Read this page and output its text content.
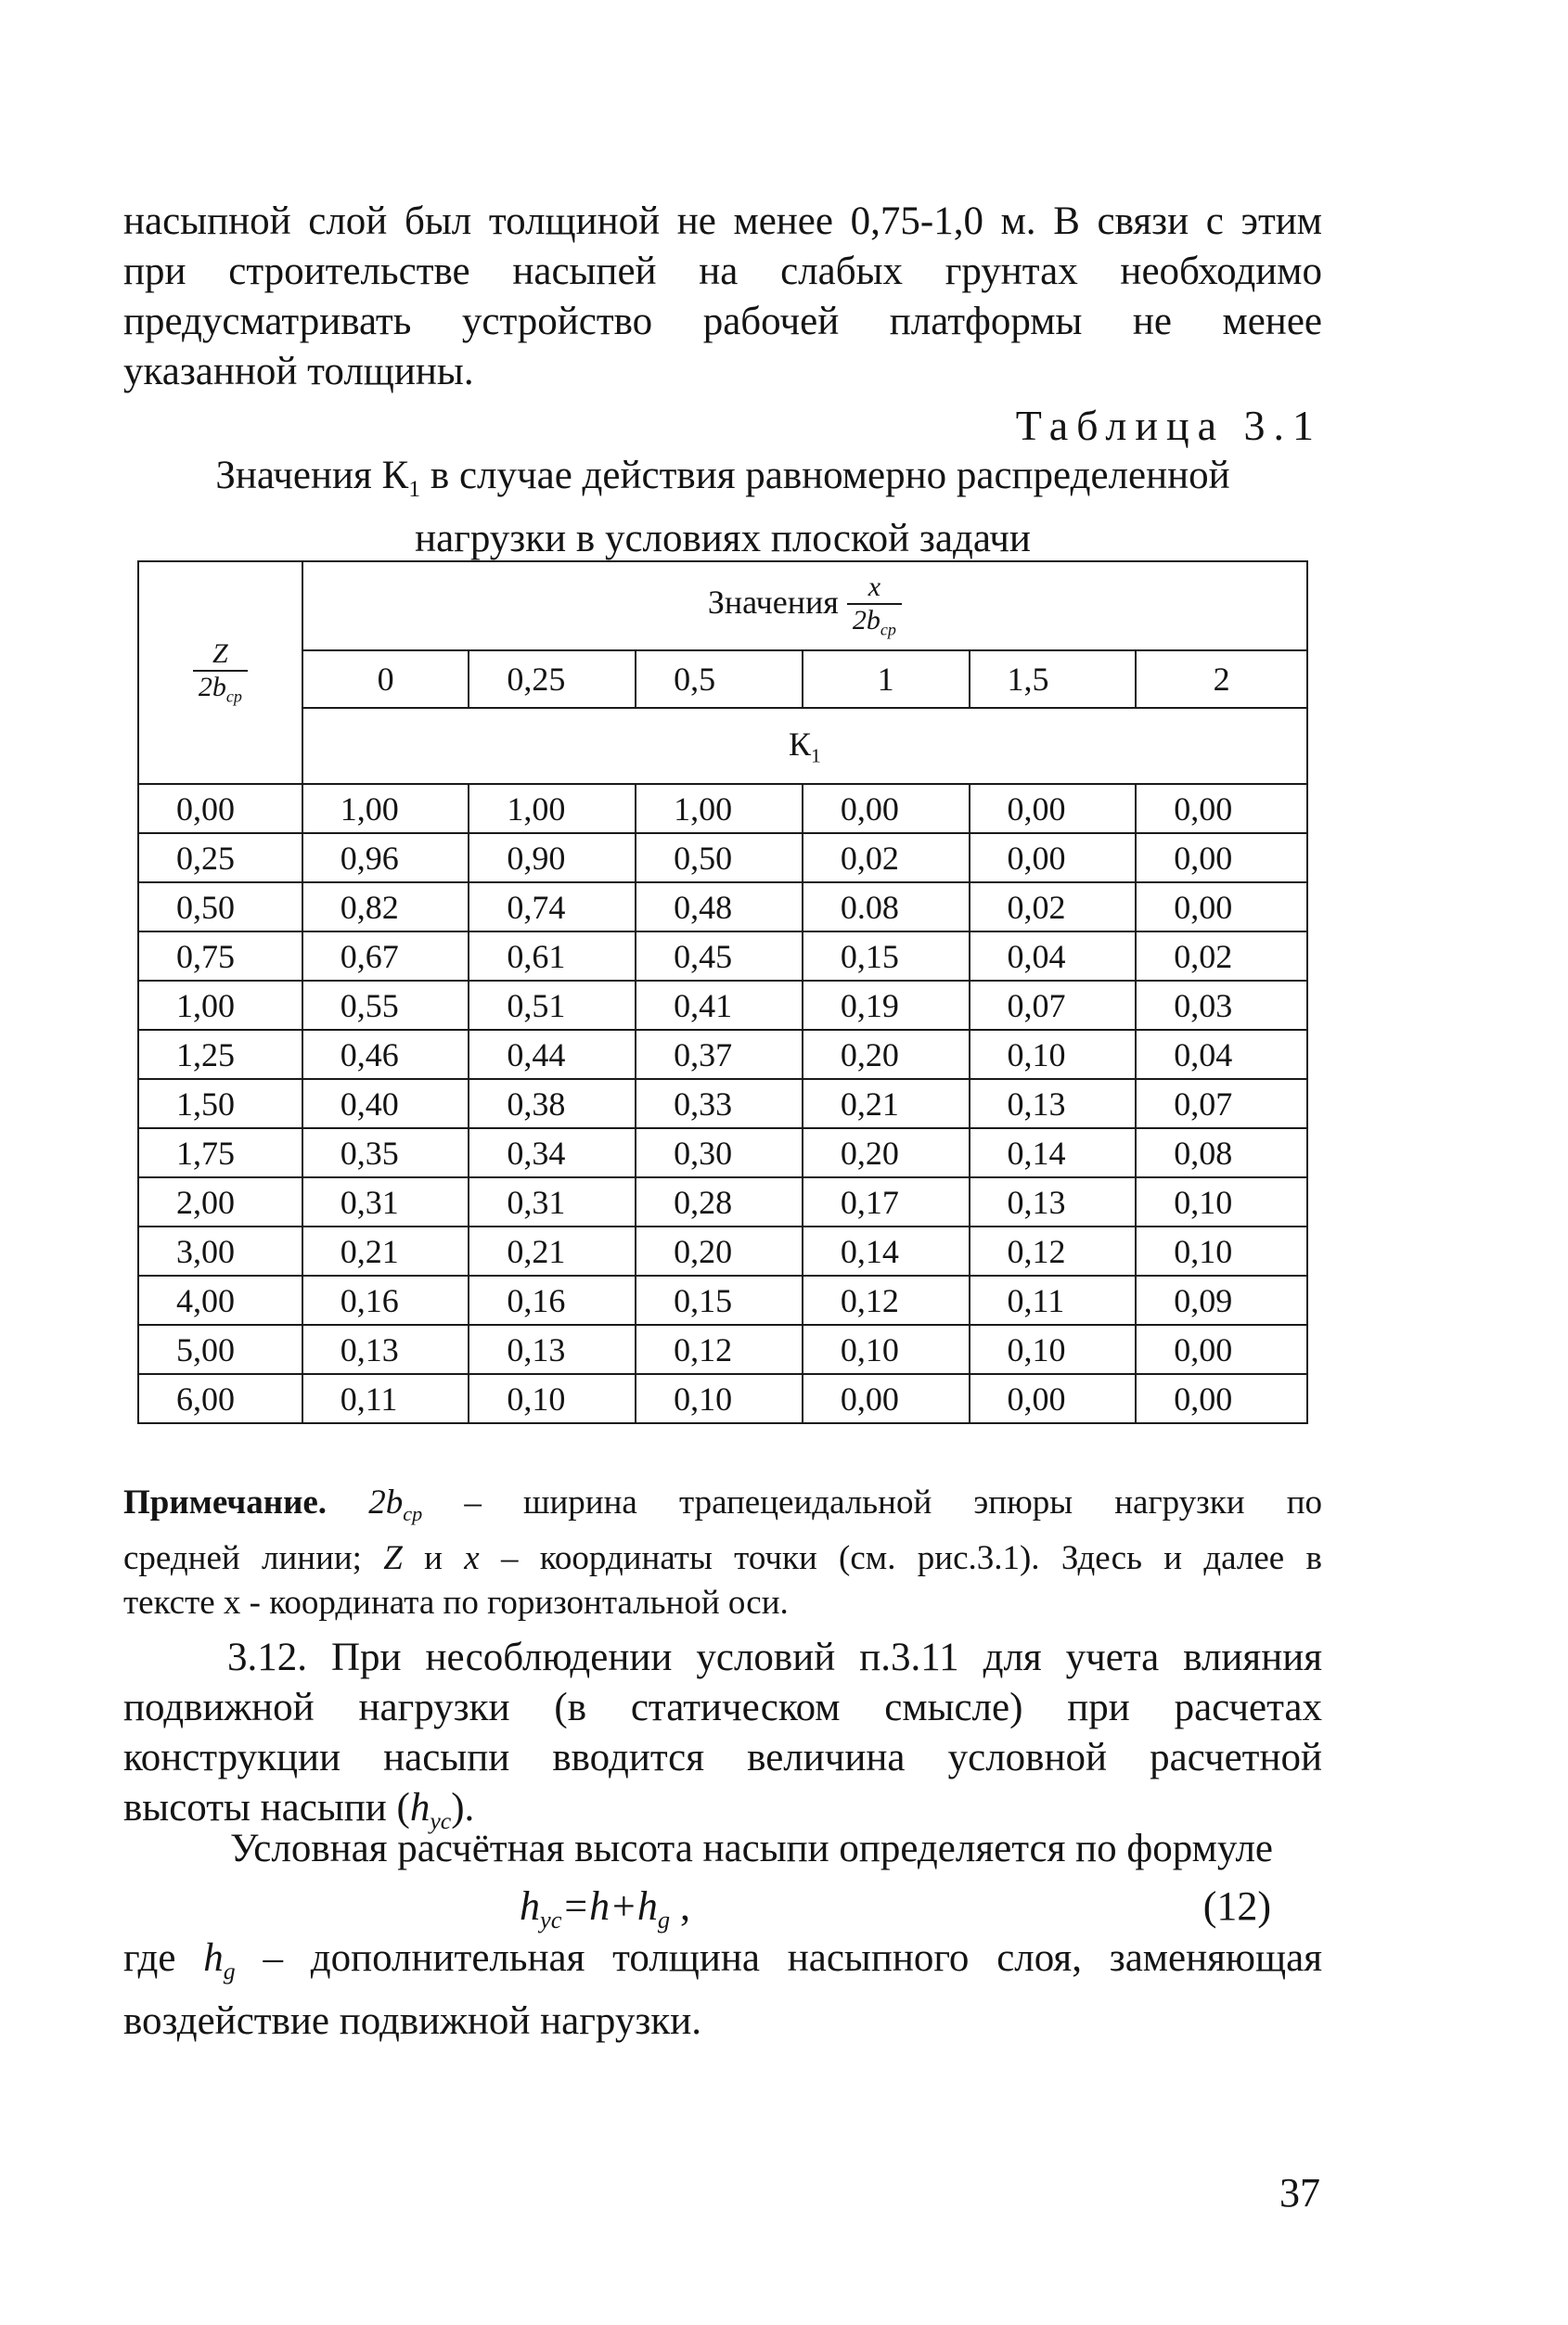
насыпной слой был толщиной не менее 0,75-1,0 м. В связи с этим
при строительстве насыпей на слабых грунтах необходимо
предусматривать устройство рабочей платформы не менее
указанной толщины.

Таблица 3.1

Значения $К_1$ в случае действия равномерно распределенной
нагрузки в условиях плоской задачи

$\frac{Z}{2b_{ср}}$	Значения $\frac{x}{2b_{ср}}$

	0	0,25	0,5	1	1,5	2
	$К_1$
0,00	1,00	1,00	1,00	0,00	0,00	0,00
0,25	0,96	0,90	0,50	0,02	0,00	0,00
0,50	0,82	0,74	0,48	0.08	0,02	0,00
0,75	0,67	0,61	0,45	0,15	0,04	0,02
1,00	0,55	0,51	0,41	0,19	0,07	0,03
1,25	0,46	0,44	0,37	0,20	0,10	0,04
1,50	0,40	0,38	0,33	0,21	0,13	0,07
1,75	0,35	0,34	0,30	0,20	0,14	0,08
2,00	0,31	0,31	0,28	0,17	0,13	0,10
3,00	0,21	0,21	0,20	0,14	0,12	0,10
4,00	0,16	0,16	0,15	0,12	0,11	0,09
5,00	0,13	0,13	0,12	0,10	0,10	0,00
6,00	0,11	0,10	0,10	0,00	0,00	0,00

Примечание. $2b_{ср}$ – ширина трапецеидальной эпюры нагрузки по
средней линии; Z и x – координаты точки (см. рис.3.1). Здесь и далее в
тексте х - координата по горизонтальной оси.

3.12. При несоблюдении условий п.3.11 для учета влияния
подвижной нагрузки (в статическом смысле) при расчетах
конструкции насыпи вводится величина условной расчетной
высоты насыпи $(h_{ус})$.

Условная расчётная высота насыпи определяется по формуле

$h_{ус}=h+h_g$ ,	(12)

где $h_g$ – дополнительная толщина насыпного слоя, заменяющая
воздействие подвижной нагрузки.

37
